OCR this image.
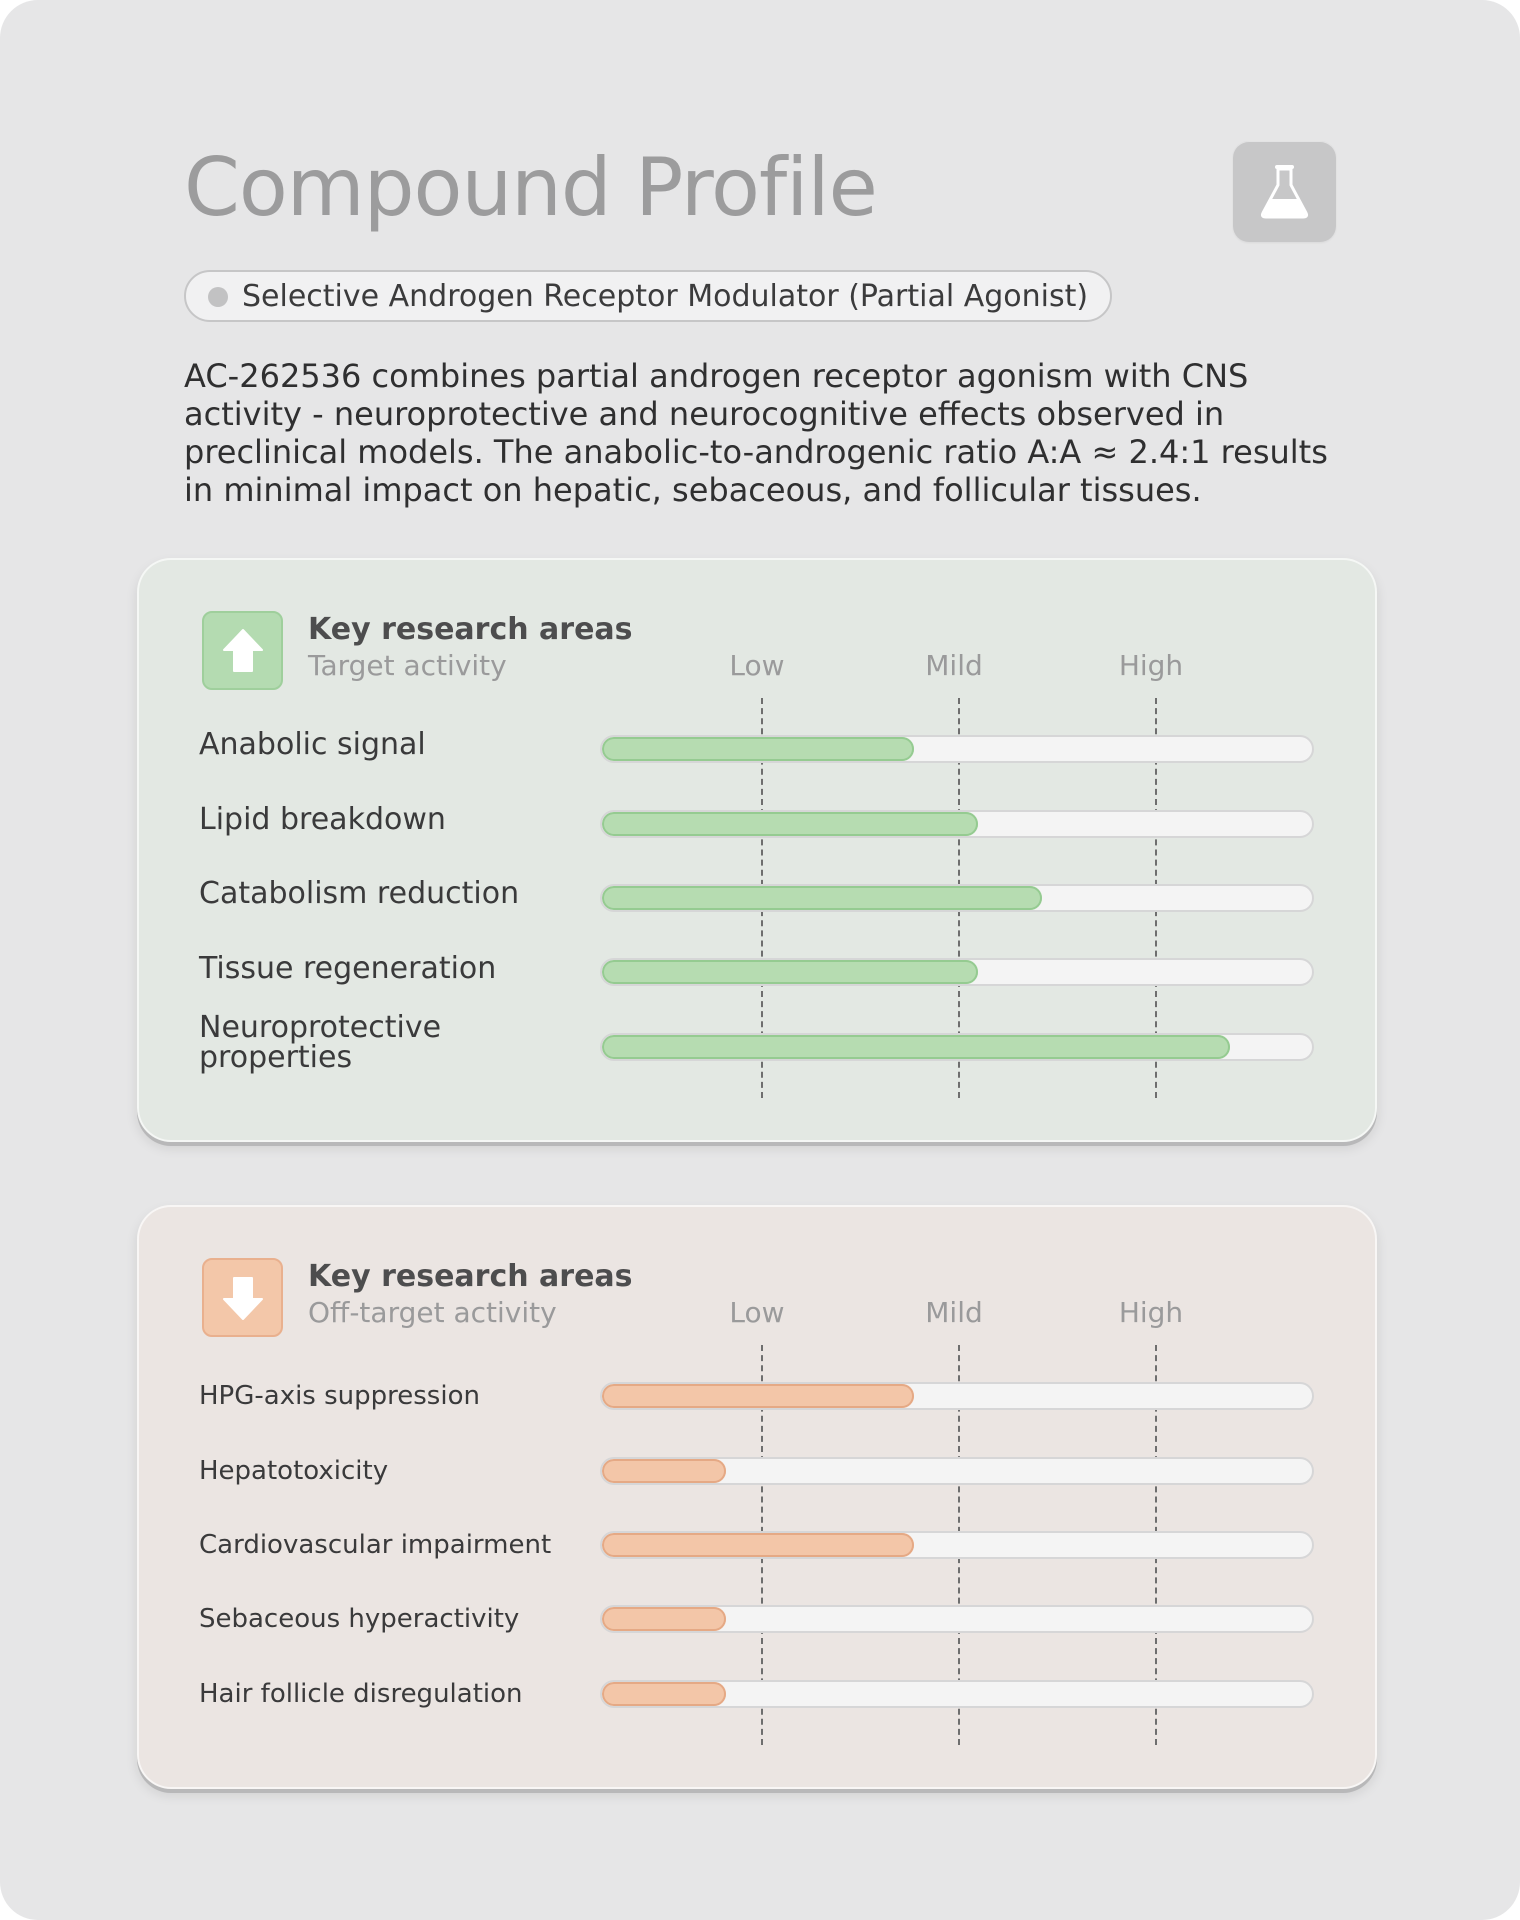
Compound Profile
Selective Androgen Receptor Modulator (Partial Agonist)

AC-262536 combines partial androgen receptor agonism with CNS activity - neuroprotective and neurocognitive effects observed in preclinical models. The anabolic-to-androgenic ratio A:A ≈ 2.4:1 results in minimal impact on hepatic, sebaceous, and follicular tissues.

Key research areas
Target activity	Low	Mild	High
Anabolic signal
Lipid breakdown
Catabolism reduction
Tissue regeneration
Neuroprotective properties
Key research areas
Off-target activity	Low	Mild	High
HPG-axis suppression
Hepatotoxicity
Cardiovascular impairment
Sebaceous hyperactivity
Hair follicle disregulation
